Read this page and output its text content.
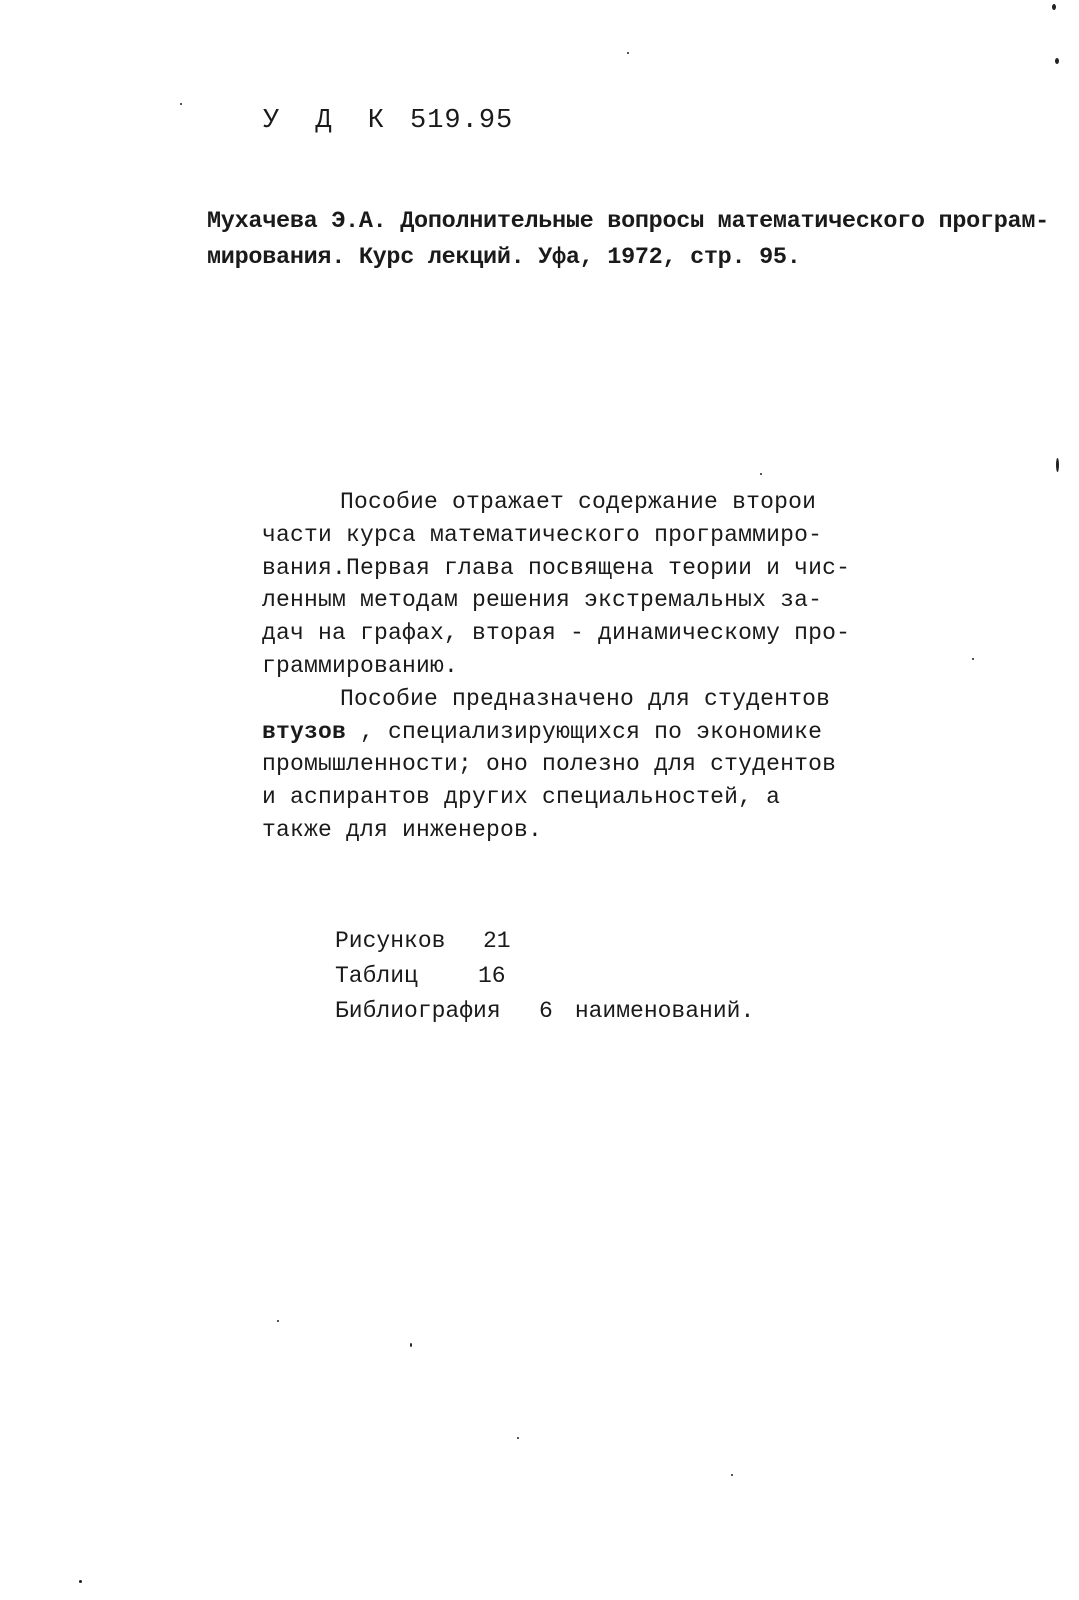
У Д К 519.95
Мухачева Э.А. Дополнительные вопросы математического програм-
мирования. Курс лекций. Уфа, 1972, стр. 95.
Пособие отражает содержание второи
части курса математического программиро-
вания.Первая глава посвящена теории и чис-
ленным методам решения экстремальных за-
дач на графах, вторая - динамическому про-
граммированию.
Пособие предназначено для студентов
втузов , специализирующихся по экономике
промышленности; оно полезно для студентов
и аспирантов других специальностей, а
также для инженеров.
Рисунков	21
Таблиц	16
Библиография	6 наименований.
